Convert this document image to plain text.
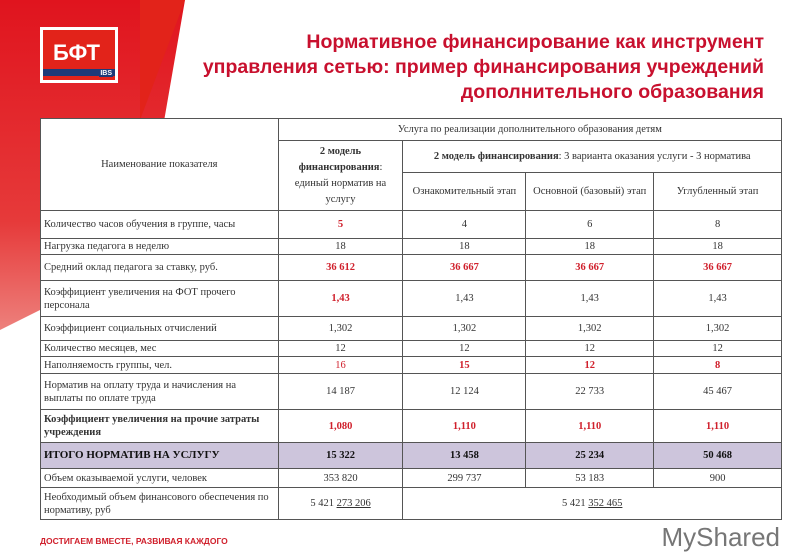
БФТ
IBS
Нормативное финансирование как инструмент
управления сетью: пример финансирования учреждений
дополнительного образования
Наименование показателя	Услуга по реализации дополнительного образования детям			
	2 модель финансирования: единый норматив на услугу	2 модель финансирования: 3 варианта оказания услуги - 3 норматива		
		Ознакомительный этап	Основной (базовый) этап	Углубленный этап
Количество часов обучения в группе, часы	5	4	6	8
Нагрузка педагога в неделю	18	18	18	18
Средний оклад педагога за ставку, руб.	36 612	36 667	36 667	36 667
Коэффициент увеличения на ФОТ прочего персонала	1,43	1,43	1,43	1,43
Коэффициент социальных отчислений	1,302	1,302	1,302	1,302
Количество месяцев, мес	12	12	12	12
Наполняемость группы, чел.	16	15	12	8
Норматив на оплату труда и начисления на выплаты по оплате труда	14 187	12 124	22 733	45 467
Коэффициент увеличения на прочие затраты учреждения	1,080	1,110	1,110	1,110
ИТОГО НОРМАТИВ НА УСЛУГУ	15 322	13 458	25 234	50 468
Объем оказываемой услуги, человек	353 820	299 737	53 183	900
Необходимый объем финансового обеспечения по нормативу, руб	5 421 273 206	5 421 352 465		
ДОСТИГАЕМ ВМЕСТЕ, РАЗВИВАЯ КАЖДОГО	MyShared
